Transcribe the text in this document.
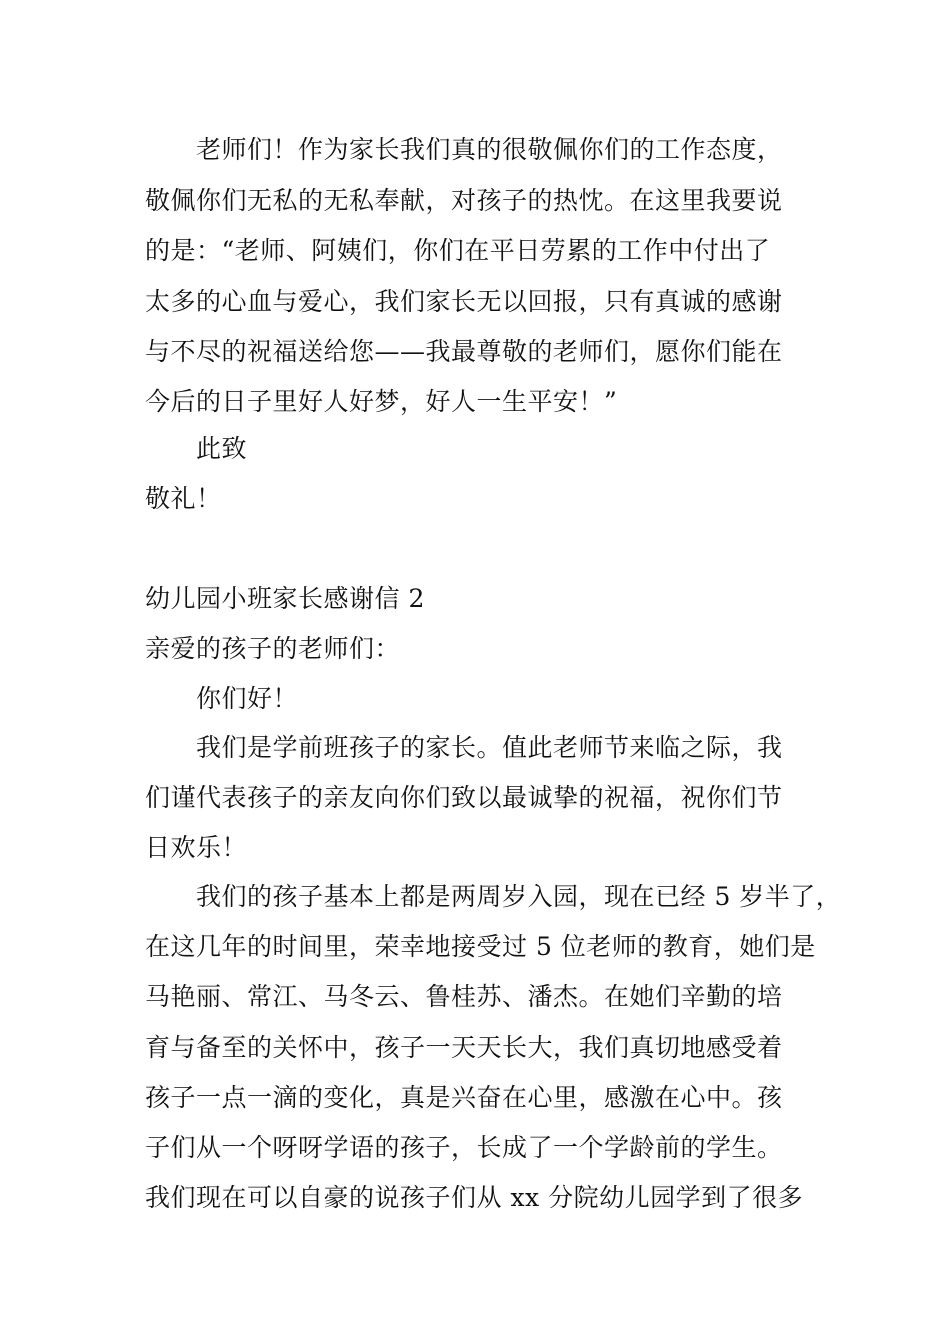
老师们！作为家长我们真的很敬佩你们的工作态度，
敬佩你们无私的无私奉献，对孩子的热忱。在这里我要说
的是：“老师、阿姨们，你们在平日劳累的工作中付出了
太多的心血与爱心，我们家长无以回报，只有真诚的感谢
与不尽的祝福送给您——我最尊敬的老师们，愿你们能在
今后的日子里好人好梦，好人一生平安！”
此致
敬礼！
幼儿园小班家长感谢信 2
亲爱的孩子的老师们：
你们好！
我们是学前班孩子的家长。值此老师节来临之际，我
们谨代表孩子的亲友向你们致以最诚挚的祝福，祝你们节
日欢乐！
我们的孩子基本上都是两周岁入园，现在已经 5 岁半了，
在这几年的时间里，荣幸地接受过 5 位老师的教育，她们是
马艳丽、常江、马冬云、鲁桂苏、潘杰。在她们辛勤的培
育与备至的关怀中，孩子一天天长大，我们真切地感受着
孩子一点一滴的变化，真是兴奋在心里，感激在心中。孩
子们从一个呀呀学语的孩子，长成了一个学龄前的学生。
我们现在可以自豪的说孩子们从 xx 分院幼儿园学到了很多
